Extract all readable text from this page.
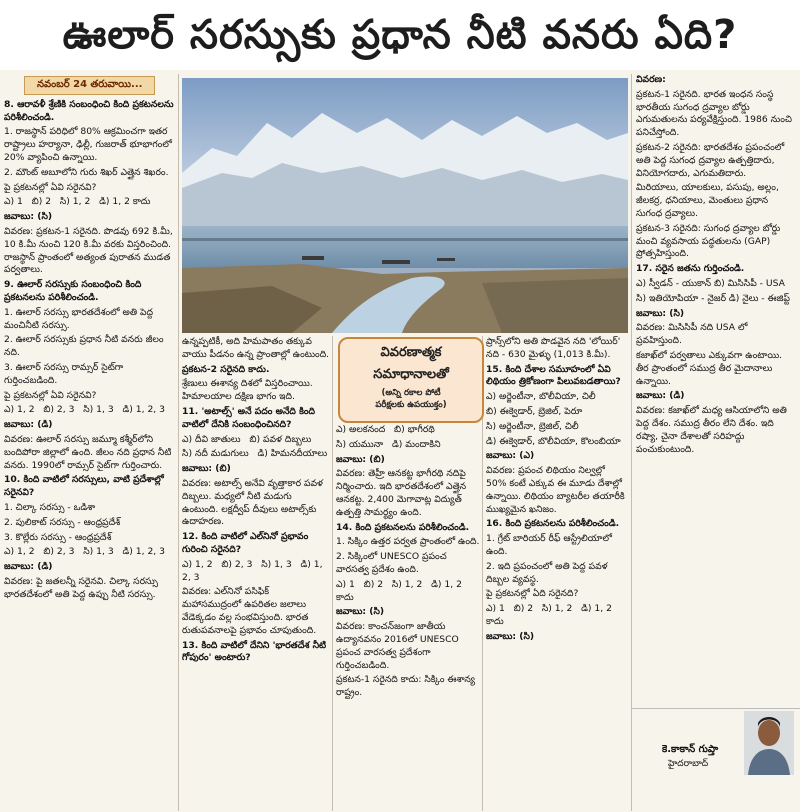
ఊలార్ సరస్సుకు ప్రధాన నీటి వనరు ఏది?
నవంబర్ 24 తరువాయి...

8. ఆరావళీ శ్రేణికి సంబంధించి కింది ప్రకటనలను పరిశీలించండి.

1. రాజస్థాన్ పరిధిలో 80% ఆక్రమించగా ఇతర రాష్ట్రాలు హర్యానా, ఢిల్లీ, గుజరాత్ భూభాగంలో 20% వ్యాపించి ఉన్నాయి.

2. మౌంట్ అబూలోని గురు శిఖర్ ఎత్తైన శిఖరం.

పై ప్రకటనల్లో ఏవి సరైనవి?

ఎ) 1   బి) 2   సి) 1, 2   డి) 1, 2 కాదు

జవాబు: (సి)

వివరణ: ప్రకటన-1 సరైనది. పొడవు 692 కి.మీ, 10 కి.మీ నుంచి 120 కి.మీ వరకు విస్తరించింది. రాజస్థాన్ ప్రాంతంలో అత్యంత పురాతన ముడత పర్వతాలు.

9. ఊలార్ సరస్సుకు సంబంధించి కింది ప్రకటనలను పరిశీలించండి.

1. ఊలార్ సరస్సు భారతదేశంలో అతి పెద్ద మంచినీటి సరస్సు.

2. ఊలార్ సరస్సుకు ప్రధాన నీటి వనరు జీలం నది.

3. ఊలార్ సరస్సు రామ్సర్ సైట్‌గా గుర్తించబడింది.

పై ప్రకటనల్లో ఏవి సరైనవి?

ఎ) 1, 2   బి) 2, 3   సి) 1, 3   డి) 1, 2, 3

జవాబు: (డి)

వివరణ: ఊలార్ సరస్సు జమ్మూ కశ్మీర్‌లోని బందిపోరా జిల్లాలో ఉంది. జీలం నది ప్రధాన నీటి వనరు. 1990లో రామ్సర్ సైట్‌గా గుర్తించారు.

10. కింది వాటిలో సరస్సులు, వాటి ప్రదేశాల్లో సరైనవి?

1. చిల్కా సరస్సు - ఒడిశా

2. పులికాట్ సరస్సు - ఆంధ్రప్రదేశ్

3. కొల్లేరు సరస్సు - ఆంధ్రప్రదేశ్

ఎ) 1, 2   బి) 2, 3   సి) 1, 3   డి) 1, 2, 3

జవాబు: (డి)

వివరణ: పై జతలన్నీ సరైనవి. చిల్కా సరస్సు భారతదేశంలో అతి పెద్ద ఉప్పు నీటి సరస్సు.

ఉన్నప్పటికీ, అది హిమపాతం తక్కువ వాయు పీడనం ఉన్న ప్రాంతాల్లో ఉంటుంది.

ప్రకటన-2 సరైనది కాదు.

శ్రేణులు ఈశాన్య దిశలో విస్తరించాయి. హిమాలయాల దక్షిణ భాగం ఇది.

11. 'అటాల్స్' అనే పదం అనేది కింది వాటిలో దేనికి సంబంధించినది?

ఎ) దీవి జాతులు   బి) పవళ దిబ్బలు

సి) నదీ మడుగులు   డి) హిమనదీయాలు

జవాబు: (బి)

వివరణ: అటాల్స్ అనేవి వృత్తాకార పవళ దిబ్బలు. మధ్యలో నీటి మడుగు ఉంటుంది. లక్షద్వీప్ దీవులు అటాల్స్‌కు ఉదాహరణ.

12. కింది వాటిలో ఎల్‌నినో ప్రభావం గురించి సరైనది?

ఎ) 1, 2   బి) 2, 3   సి) 1, 3   డి) 1, 2, 3

వివరణ: ఎల్‌నినో పసిఫిక్ మహాసముద్రంలో ఉపరితల జలాలు వేడెక్కడం వల్ల సంభవిస్తుంది. భారత రుతుపవనాలపై ప్రభావం చూపుతుంది.

13. కింది వాటిలో దేనిని 'భారతదేశ నీటి గోపురం' అంటారు?

వివరణాత్మక
సమాధానాలతో
(అన్ని రకాల పోటీ
పరీక్షలకు ఉపయుక్తం)

ఎ) అలకనంద   బి) భాగీరథి

సి) యమునా   డి) మందాకిని

జవాబు: (బి)

వివరణ: తెహ్రీ ఆనకట్ట భాగీరథి నదిపై నిర్మించారు. ఇది భారతదేశంలో ఎత్తైన ఆనకట్ట. 2,400 మెగావాట్ల విద్యుత్ ఉత్పత్తి సామర్థ్యం ఉంది.

14. కింది ప్రకటనలను పరిశీలించండి.

1. సిక్కిం ఉత్తర పర్వత ప్రాంతంలో ఉంది.

2. సిక్కింలో UNESCO ప్రపంచ వారసత్వ ప్రదేశం ఉంది.

ఎ) 1   బి) 2   సి) 1, 2   డి) 1, 2 కాదు

జవాబు: (సి)

వివరణ: కాంచన్‌జంగా జాతీయ ఉద్యానవనం 2016లో UNESCO ప్రపంచ వారసత్వ ప్రదేశంగా గుర్తించబడింది.

ప్రకటన-1 సరైనది కాదు: సిక్కిం ఈశాన్య రాష్ట్రం.

ప్రాన్స్‌లోని అతి పొడవైన నది 'లోయిర్' నది - 630 మైళ్ళు (1,013 కి.మీ).

15. కింది దేశాల సమూహంలో ఏవి లిథియం త్రికోణంగా పిలువబడతాయి?

ఎ) అర్జెంటీనా, బొలీవియా, చిలీ

బి) ఈక్వెడార్, బ్రెజిల్, పెరూ

సి) అర్జెంటీనా, బ్రెజిల్, చిలీ

డి) ఈక్వెడార్, బొలీవియా, కొలంబియా

జవాబు: (ఎ)

వివరణ: ప్రపంచ లిథియం నిల్వల్లో 50% కంటే ఎక్కువ ఈ మూడు దేశాల్లో ఉన్నాయి. లిథియం బ్యాటరీల తయారీకి ముఖ్యమైన ఖనిజం.

16. కింది ప్రకటనలను పరిశీలించండి.

1. గ్రేట్ బారియర్ రీఫ్ ఆస్ట్రేలియాలో ఉంది.

2. ఇది ప్రపంచంలో అతి పెద్ద పవళ దిబ్బల వ్యవస్థ.

పై ప్రకటనల్లో ఏది సరైనది?

ఎ) 1   బి) 2   సి) 1, 2   డి) 1, 2 కాదు

జవాబు: (సి)

వివరణ:

ప్రకటన-1 సరైనది. భారత ఇంధన సంస్థ భారతీయ సుగంధ ద్రవ్యాల బోర్డు ఎగుమతులను పర్యవేక్షిస్తుంది. 1986 నుంచి పనిచేస్తోంది.

ప్రకటన-2 సరైనది: భారతదేశం ప్రపంచంలో అతి పెద్ద సుగంధ ద్రవ్యాల ఉత్పత్తిదారు, వినియోగదారు, ఎగుమతిదారు.

మిరియాలు, యాలకులు, పసుపు, అల్లం, జీలకర్ర, ధనియాలు, మెంతులు ప్రధాన సుగంధ ద్రవ్యాలు.

ప్రకటన-3 సరైనది: సుగంధ ద్రవ్యాల బోర్డు మంచి వ్యవసాయ పద్ధతులను (GAP) ప్రోత్సహిస్తుంది.

17. సరైన జతను గుర్తించండి.

ఎ) స్వీడన్ - యుకాన్ బి) మిసిసిపీ - USA

సి) ఇతియోపియా - నైజర్ డి) నైలు - ఈజిప్ట్

జవాబు: (సి)

వివరణ: మిసిసిపీ నది USA లో ప్రవహిస్తుంది.

కజాఖ్‌లో పర్వతాలు ఎక్కువగా ఉంటాయి. తీర ప్రాంతంలో సముద్ర తీర మైదానాలు ఉన్నాయి.

జవాబు: (డి)

వివరణ: కజాఖ్‌లో మధ్య ఆసియాలోని అతి పెద్ద దేశం. సముద్ర తీరం లేని దేశం. ఇది రష్యా, చైనా దేశాలతో సరిహద్దు పంచుకుంటుంది.

కె.కాకాన్ గుప్తా
హైదరాబాద్
